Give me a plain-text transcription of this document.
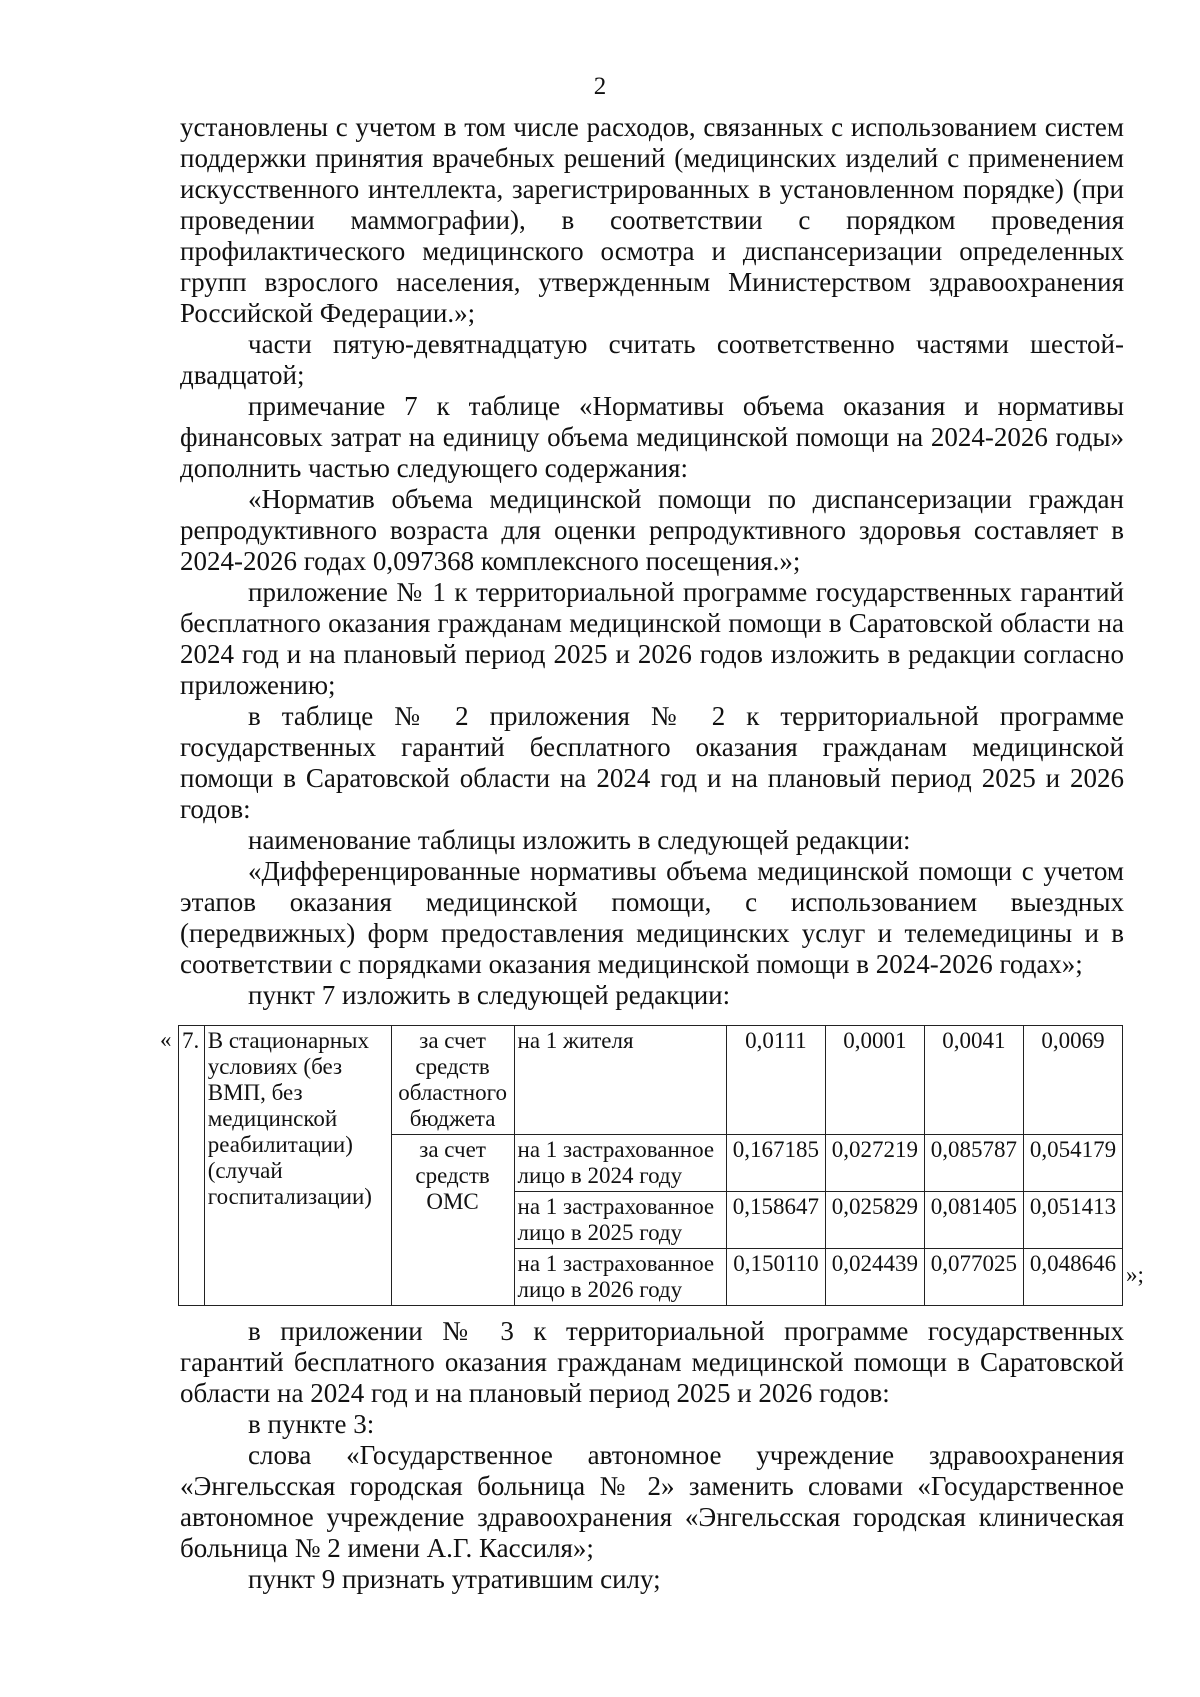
2

установлены с учетом в том числе расходов, связанных с использованием систем поддержки принятия врачебных решений (медицинских изделий с применением искусственного интеллекта, зарегистрированных в установленном порядке) (при проведении маммографии), в соответствии с порядком проведения профилактического медицинского осмотра и диспансеризации определенных групп взрослого населения, утвержденным Министерством здравоохранения Российской Федерации.»;

части пятую-девятнадцатую считать соответственно частями шестой-двадцатой;

примечание 7 к таблице «Нормативы объема оказания и нормативы финансовых затрат на единицу объема медицинской помощи на 2024-2026 годы» дополнить частью следующего содержания:

«Норматив объема медицинской помощи по диспансеризации граждан репродуктивного возраста для оценки репродуктивного здоровья составляет в 2024-2026 годах 0,097368 комплексного посещения.»;

приложение № 1 к территориальной программе государственных гарантий бесплатного оказания гражданам медицинской помощи в Саратовской области на 2024 год и на плановый период 2025 и 2026 годов изложить в редакции согласно приложению;

в таблице № 2 приложения № 2 к территориальной программе государственных гарантий бесплатного оказания гражданам медицинской помощи в Саратовской области на 2024 год и на плановый период 2025 и 2026 годов:

наименование таблицы изложить в следующей редакции:

«Дифференцированные нормативы объема медицинской помощи с учетом этапов оказания медицинской помощи, с использованием выездных (передвижных) форм предоставления медицинских услуг и телемедицины и в соответствии с порядками оказания медицинской помощи в 2024-2026 годах»;

пункт 7 изложить в следующей редакции:

« 7.	В стационарных условиях (без ВМП, без медицинской реабилитации) (случай госпитализации)	за счет средств областного бюджета	на 1 жителя	0,0111	0,0001	0,0041	0,0069
		за счет средств ОМС	на 1 застрахованное лицо в 2024 году	0,167185	0,027219	0,085787	0,054179
			на 1 застрахованное лицо в 2025 году	0,158647	0,025829	0,081405	0,051413
			на 1 застрахованное лицо в 2026 году	0,150110	0,024439	0,077025	0,048646 »;

в приложении № 3 к территориальной программе государственных гарантий бесплатного оказания гражданам медицинской помощи в Саратовской области на 2024 год и на плановый период 2025 и 2026 годов:

в пункте 3:

слова «Государственное автономное учреждение здравоохранения «Энгельсская городская больница № 2» заменить словами «Государственное автономное учреждение здравоохранения «Энгельсская городская клиническая больница № 2 имени А.Г. Кассиля»;

пункт 9 признать утратившим силу;
